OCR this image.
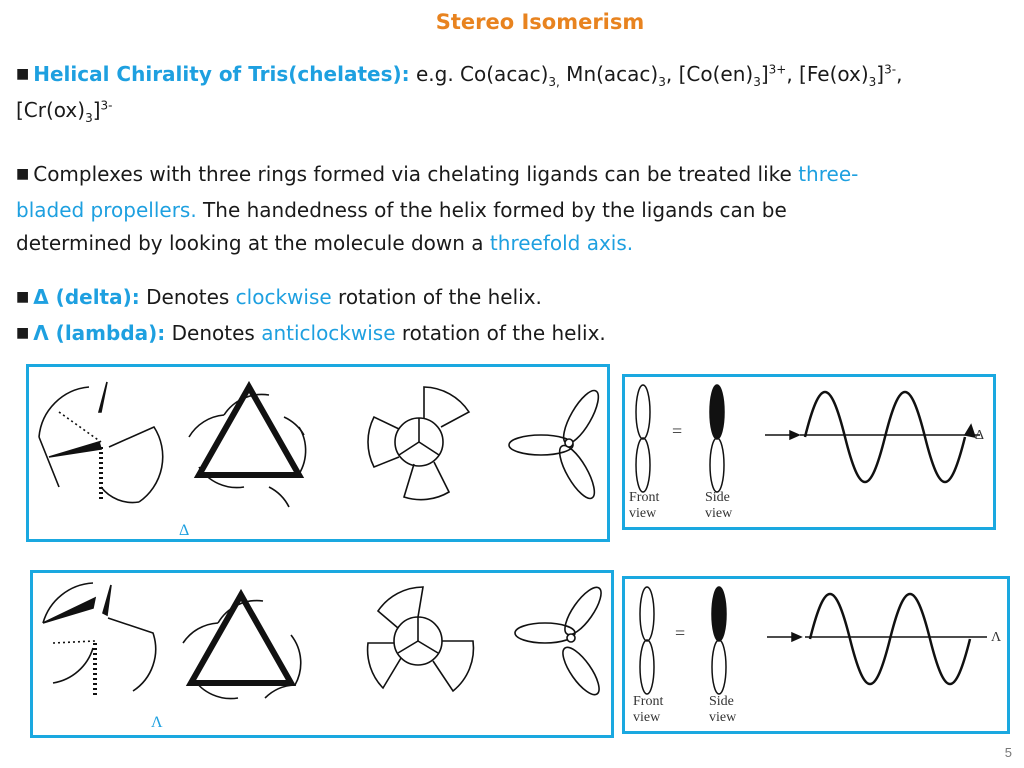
Stereo Isomerism
■ Helical Chirality of Tris(chelates): e.g. $Co(acac)_{3,}$ $Mn(acac)_3$, $[Co(en)_3]^{3+}$, $[Fe(ox)_3]^{3-}$,
$[Cr(ox)_3]^{3-}$
■ Complexes with three rings formed via chelating ligands can be treated like three-
bladed propellers. The handedness of the helix formed by the ligands can be
determined by looking at the molecule down a threefold axis.
■ Δ (delta): Denotes clockwise rotation of the helix.
■ Λ (lambda): Denotes anticlockwise rotation of the helix.
Δ
=	Δ
Front
view
Side
view
Λ
=	Λ
Front
view
Side
view
5
